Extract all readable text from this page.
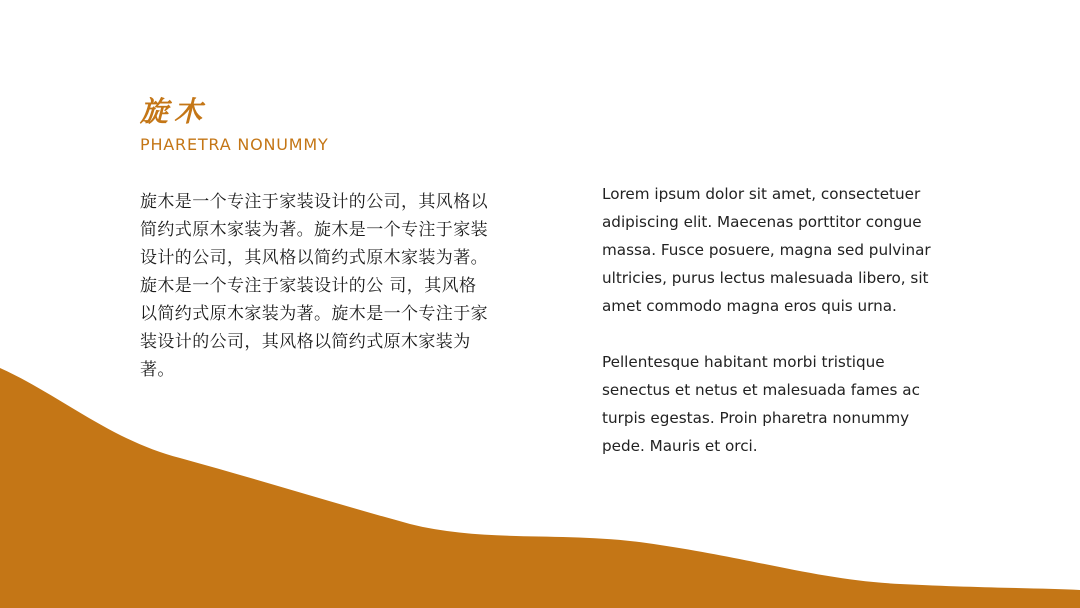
旋木
PHARETRA NONUMMY

旋木是一个专注于家装设计的公司，其风格以简约式原木家装为著。旋木是一个专注于家装设计的公司，其风格以简约式原木家装为著。旋木是一个专注于家装设计的公 司，其风格以简约式原木家装为著。旋木是一个专注于家装设计的公司，其风格以简约式原木家装为著。

Lorem ipsum dolor sit amet, consectetuer adipiscing elit. Maecenas porttitor congue massa. Fusce posuere, magna sed pulvinar ultricies, purus lectus malesuada libero, sit amet commodo magna eros quis urna.

Pellentesque habitant morbi tristique senectus et netus et malesuada fames ac turpis egestas. Proin pharetra nonummy pede. Mauris et orci.
